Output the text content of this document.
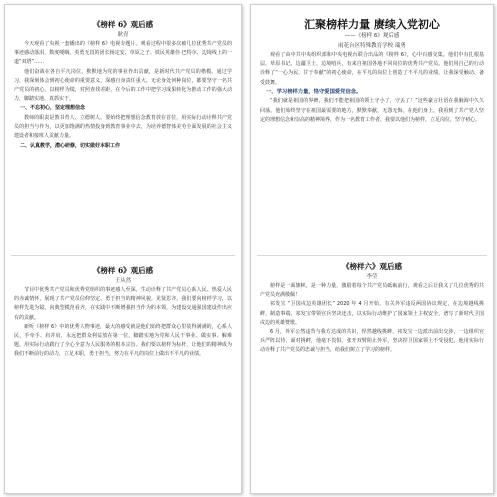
《榜样 6》观后感

耿青

今天观看了央视一套播出的《榜样 6》电视专题片。观看过程中很多次被几位优秀共产党员的事迹感动落泪，数度哽咽。英勇无畏的团长杨定安、草原之子、铁民英雄佳·巴特尔、边境线上的一道“双塔”……

他们奋战在各自平凡岗位，默默地为党的事业作出贡献，是新时代共产党员的楷模。通过学习，我深刻体会到初心使命的重要意义，深感自身责任重大。无论身处何种岗位，都要坚守一名共产党员的初心，以榜样为镜，对照查找差距，在今后的工作中把学习成果转化为推动工作的强大动力，脚踏实地、真抓实干。

一、不忘初心，坚定理想信念

教师的职责是教书育人、立德树人。要始终把理想信念教育放在首位，用实际行动诠释共产党员的担当与作为，以更加饱满的热情投身到教育事业中去，为培养德智体美劳全面发展的社会主义建设者和接班人贡献力量。

二、认真教学，潜心研修，切实做好本职工作

《榜样 6》观后感

王从然

节目中优秀共产党员和优秀党组织的事迹感人至深。生动诠释了共产党员心系人民、热爱人民的赤诚情怀，展现了共产党员信仰坚定、勇于担当的精神风貌。见贤思齐，我们要向榜样学习，以榜样先进为镜，向典型模范看齐，在实践中不断增强担当作为的本领，为建设交通强国建设作出应有的贡献。

新听《榜样 6》中的优秀人物事迹，最大的感受就是他们始终把群众心里装得满满的，心系人民，手牵手、肩并肩，永远把群众利益放在第一位，脚踏实地为党和人民干事业、做实事、解难题，用实际行动践行了全心全意为人民服务的根本宗旨。我们要以榜样为标杆，让他们的精神成为我们不断前行的动力，立足本职，勇于担当，努力在平凡的岗位上做出不平凡的业绩。

汇聚榜样力量 赓续入党初心

——《榜样 6》观后感

雨花台区特殊教育学校 瑞勇

观看了由中共中央组织部和中央电视台联合出品的《榜样 6》，心中百感交集。他们中有扎根基层、草原书记、边疆卫士、边境哨兵，有来自祖国各地不同岗位的优秀共产党员。他们用自己的行动诠释了“一心为民、甘于奉献”的初心使命，在平凡的岗位上创造了不平凡的业绩，让我深受触动、备受鼓舞。

一、学习榜样力量，恪守爱国爱党信念。

“我们就是祖国的界碑，我们不能把祖国的领土守小了，守丢了！”这些豪言壮语在我脑海中久久回荡。他们始终坚守在祖国最需要的地方，默默奉献，无怨无悔。在他们身上，我看到了共产党人坚定的理想信念和崇高的精神境界，作为一名教育工作者，我要以他们为榜样，立足岗位，坚守初心。

《榜样六》观后感

李莹

榜样是一面旗帜，是一种力量，激励着每个共产党员砥砺前行，观看之后让我又了几位优秀的共产党员充满敬佩！

祁发宝 “卫国戍边英雄团长” 2020 年 4 月开始，有关外军违反两国协议规定，在边境越线挑衅，制造事端，祁发宝带领官兵坚决还击，以实际行动维护了国家领土主权安全，谱写了新时代卫国戍边的英雄赞歌。

6 月，外军公然违背与我方达成的共识，悍然越线挑衅，祁发宝一边派出前出交涉，一边组织官兵严阵以待，面对挑衅，他毫不畏惧，张开双臂阻止外军，坚决捍卫国家领土不受侵犯。他用实际行动诠释了共产党员的忠诚与担当，给我们树立了学习的榜样。
